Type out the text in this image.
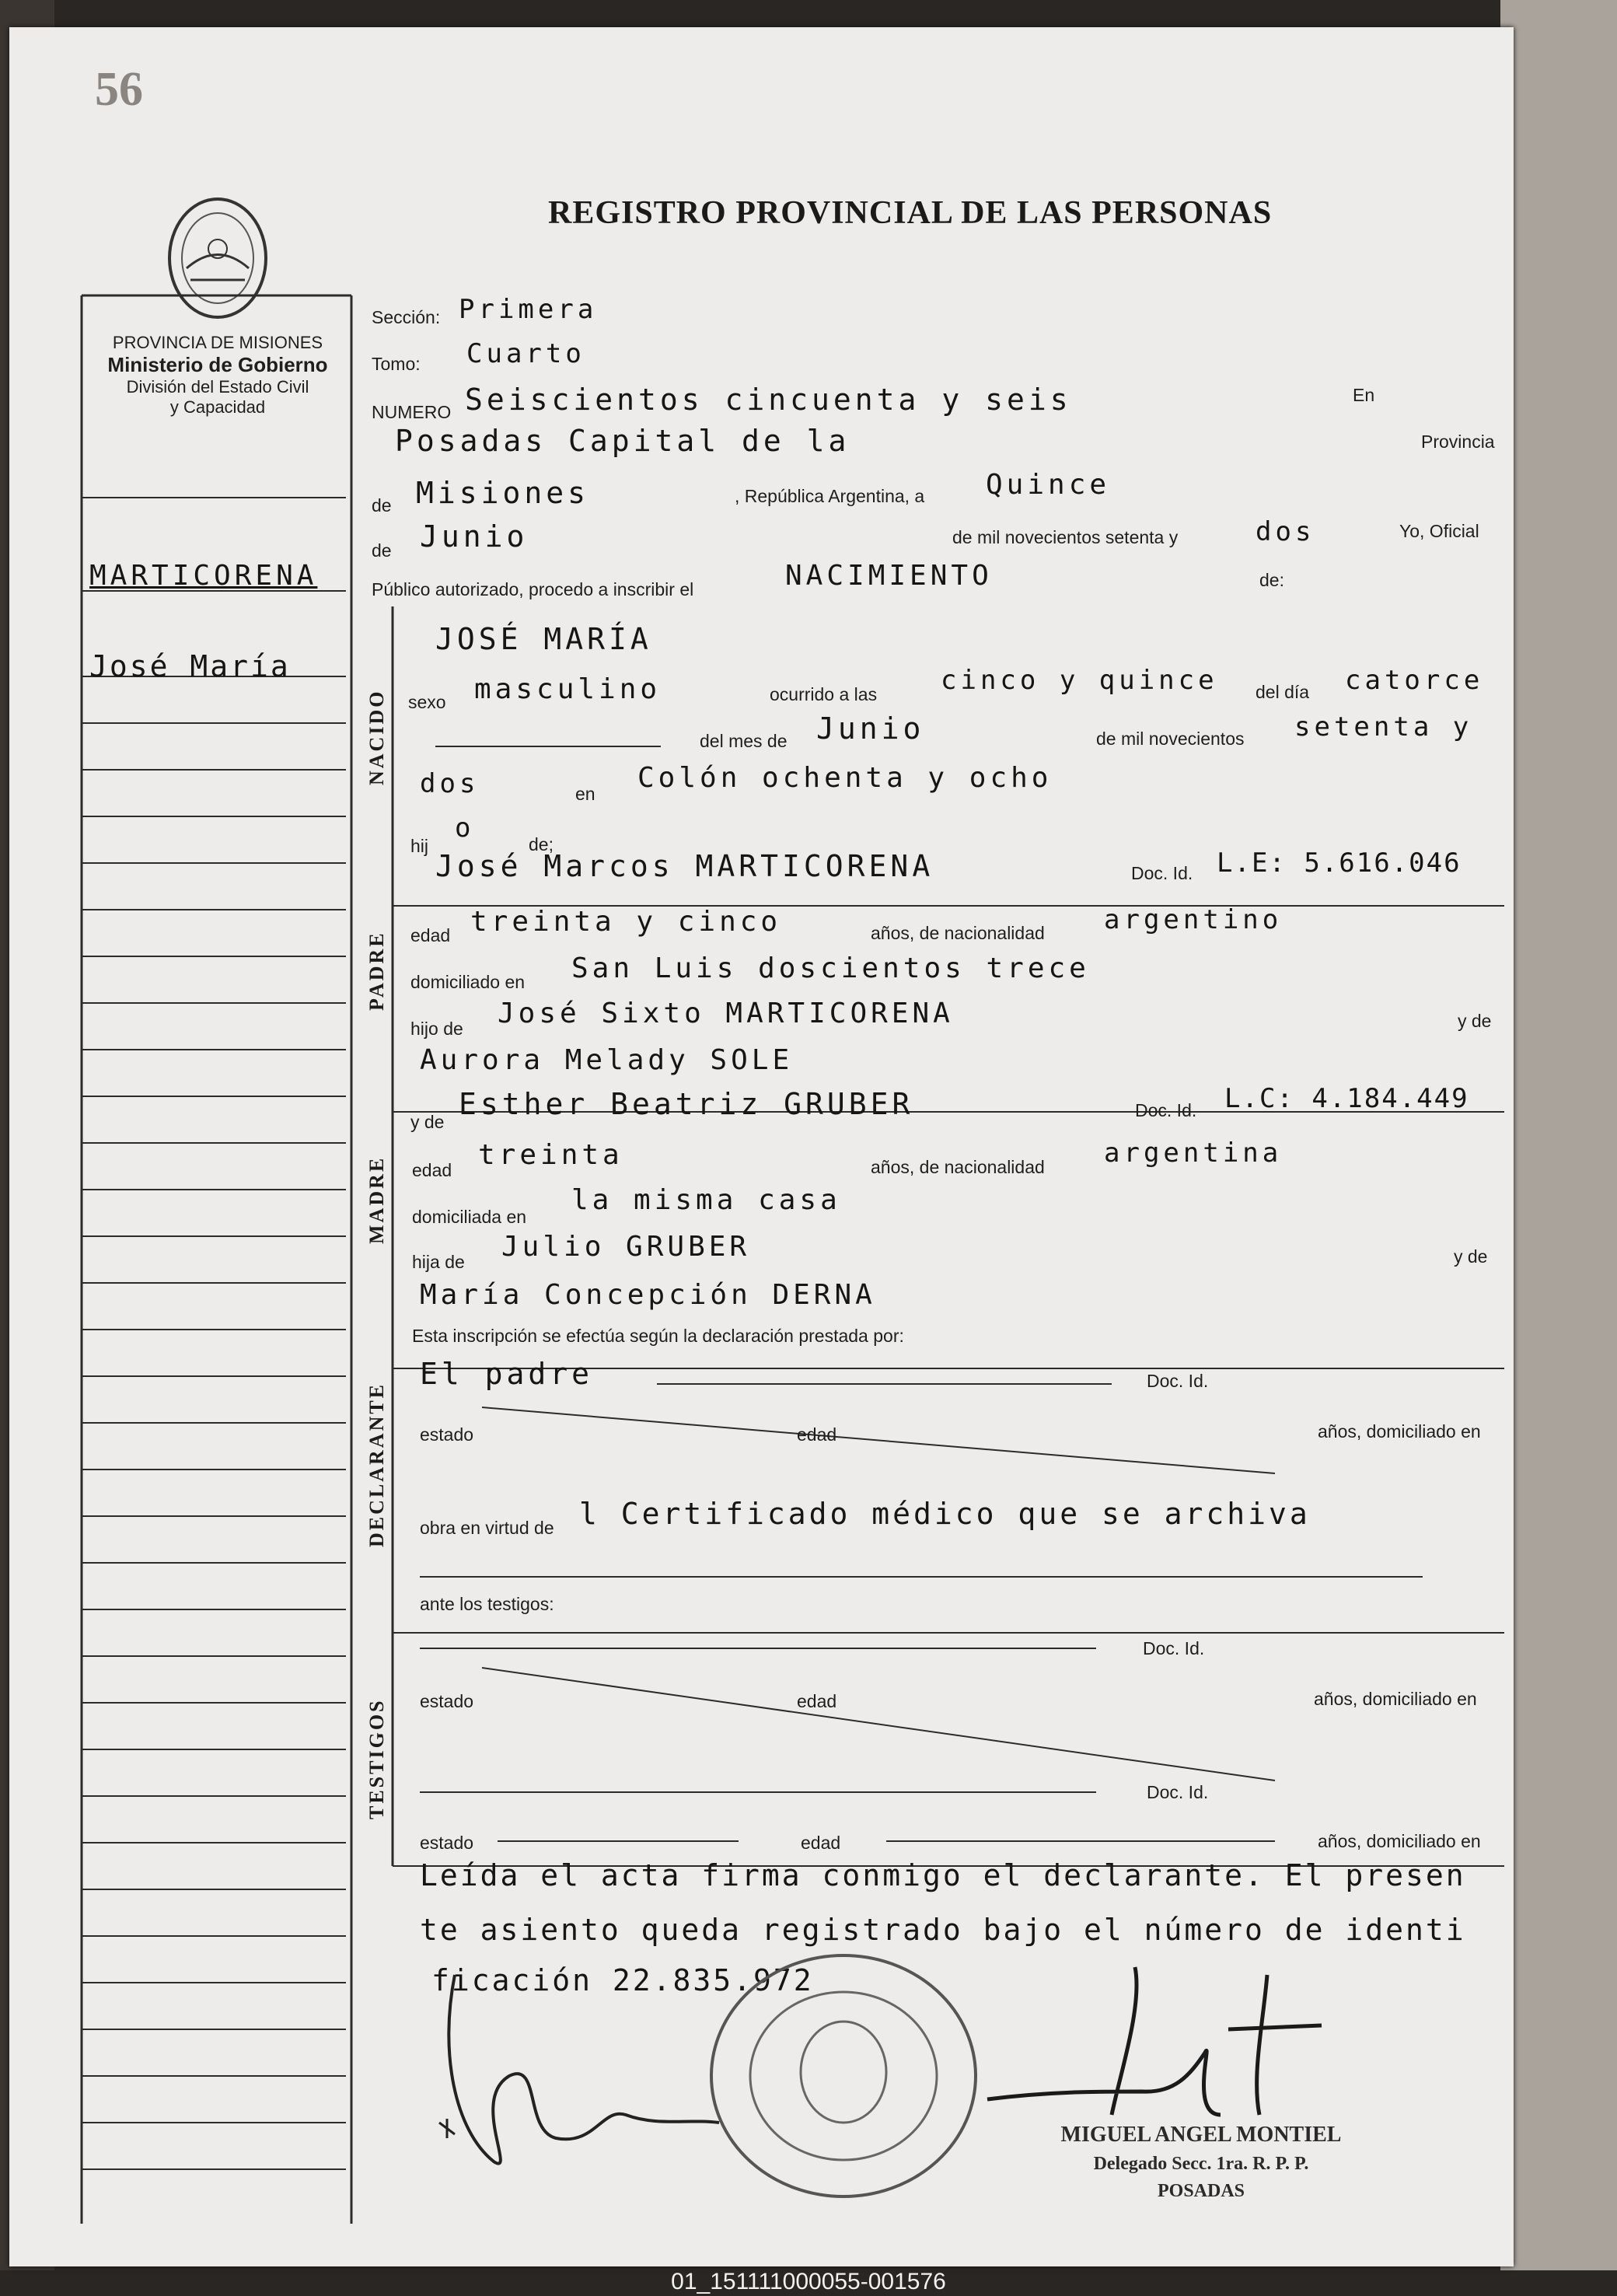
56
REGISTRO PROVINCIAL DE LAS PERSONAS
PROVINCIA DE MISIONES
Ministerio de Gobierno
División del Estado Civil
y Capacidad
NACIDO
PADRE
MADRE
DECLARANTE
TESTIGOS
MARTICORENA
José María
Sección: Primera
Tomo: Cuarto
NUMERO Seiscientos cincuenta y seis	En
Posadas Capital de la	Provincia
de Misiones	, República Argentina, a Quince
de Junio	de mil novecientos setenta y	dos	Yo, Oficial
Público autorizado, procedo a inscribir el	NACIMIENTO	de:
JOSÉ MARÍA
sexo masculino	ocurrido a las cinco y quince del día catorce
del mes de Junio	de mil novecientos setenta y
dos	en Colón ochenta y ocho
hij
o
de;
José Marcos MARTICORENA	Doc. Id. L.E: 5.616.046
edad treinta y cinco	años, de nacionalidad argentino
domiciliado en San Luis doscientos trece
hijo de José Sixto MARTICORENA	y de
Aurora Melady SOLE
y de
Esther Beatriz GRUBER	Doc. Id. L.C: 4.184.449
edad treinta	años, de nacionalidad argentina
domiciliada en
la misma casa
hija de Julio GRUBER	y de
María Concepción DERNA
Esta inscripción se efectúa según la declaración prestada por:
El padre	Doc. Id.
estado	edad	años, domiciliado en
obra en virtud de l Certificado médico que se archiva
ante los testigos:
Doc. Id.
estado	edad	años, domiciliado en
Doc. Id.
estado	edad	años, domiciliado en
Leída el acta firma conmigo el declarante. El presen
te asiento queda registrado bajo el número de identi
ficación 22.835.972
MIGUEL ANGEL MONTIEL
Delegado Secc. 1ra. R. P. P.
POSADAS
01_151111000055-001576
